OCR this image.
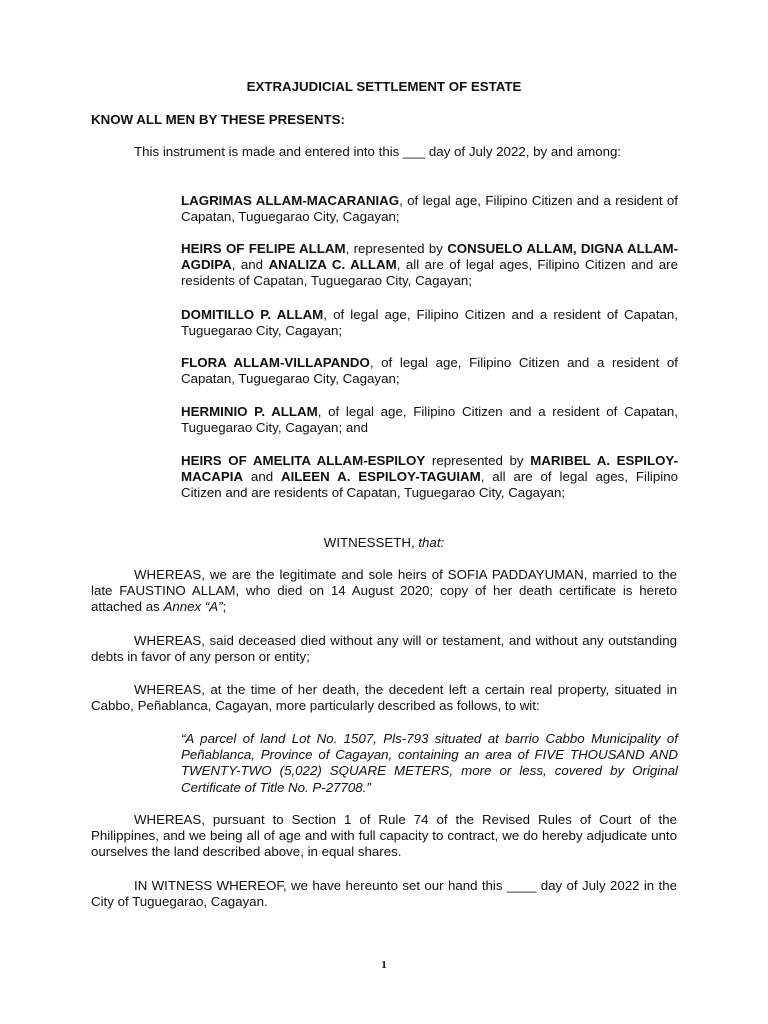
EXTRAJUDICIAL SETTLEMENT OF ESTATE

KNOW ALL MEN BY THESE PRESENTS:

This instrument is made and entered into this ___ day of July 2022, by and among:

LAGRIMAS ALLAM-MACARANIAG, of legal age, Filipino Citizen and a resident of Capatan, Tuguegarao City, Cagayan;

HEIRS OF FELIPE ALLAM, represented by CONSUELO ALLAM, DIGNA ALLAM-AGDIPA, and ANALIZA C. ALLAM, all are of legal ages, Filipino Citizen and are residents of Capatan, Tuguegarao City, Cagayan;

DOMITILLO P. ALLAM, of legal age, Filipino Citizen and a resident of Capatan, Tuguegarao City, Cagayan;

FLORA ALLAM-VILLAPANDO, of legal age, Filipino Citizen and a resident of Capatan, Tuguegarao City, Cagayan;

HERMINIO P. ALLAM, of legal age, Filipino Citizen and a resident of Capatan, Tuguegarao City, Cagayan; and

HEIRS OF AMELITA ALLAM-ESPILOY represented by MARIBEL A. ESPILOY-MACAPIA and AILEEN A. ESPILOY-TAGUIAM, all are of legal ages, Filipino Citizen and are residents of Capatan, Tuguegarao City, Cagayan;

WITNESSETH, that:

WHEREAS, we are the legitimate and sole heirs of SOFIA PADDAYUMAN, married to the late FAUSTINO ALLAM, who died on 14 August 2020; copy of her death certificate is hereto attached as Annex “A”;

WHEREAS, said deceased died without any will or testament, and without any outstanding debts in favor of any person or entity;

WHEREAS, at the time of her death, the decedent left a certain real property, situated in Cabbo, Peñablanca, Cagayan, more particularly described as follows, to wit:

“A parcel of land Lot No. 1507, Pls-793 situated at barrio Cabbo Municipality of Peñablanca, Province of Cagayan, containing an area of FIVE THOUSAND AND TWENTY-TWO (5,022) SQUARE METERS, more or less, covered by Original Certificate of Title No. P-27708.”

WHEREAS, pursuant to Section 1 of Rule 74 of the Revised Rules of Court of the Philippines, and we being all of age and with full capacity to contract, we do hereby adjudicate unto ourselves the land described above, in equal shares.

IN WITNESS WHEREOF, we have hereunto set our hand this ____ day of July 2022 in the City of Tuguegarao, Cagayan.

1
